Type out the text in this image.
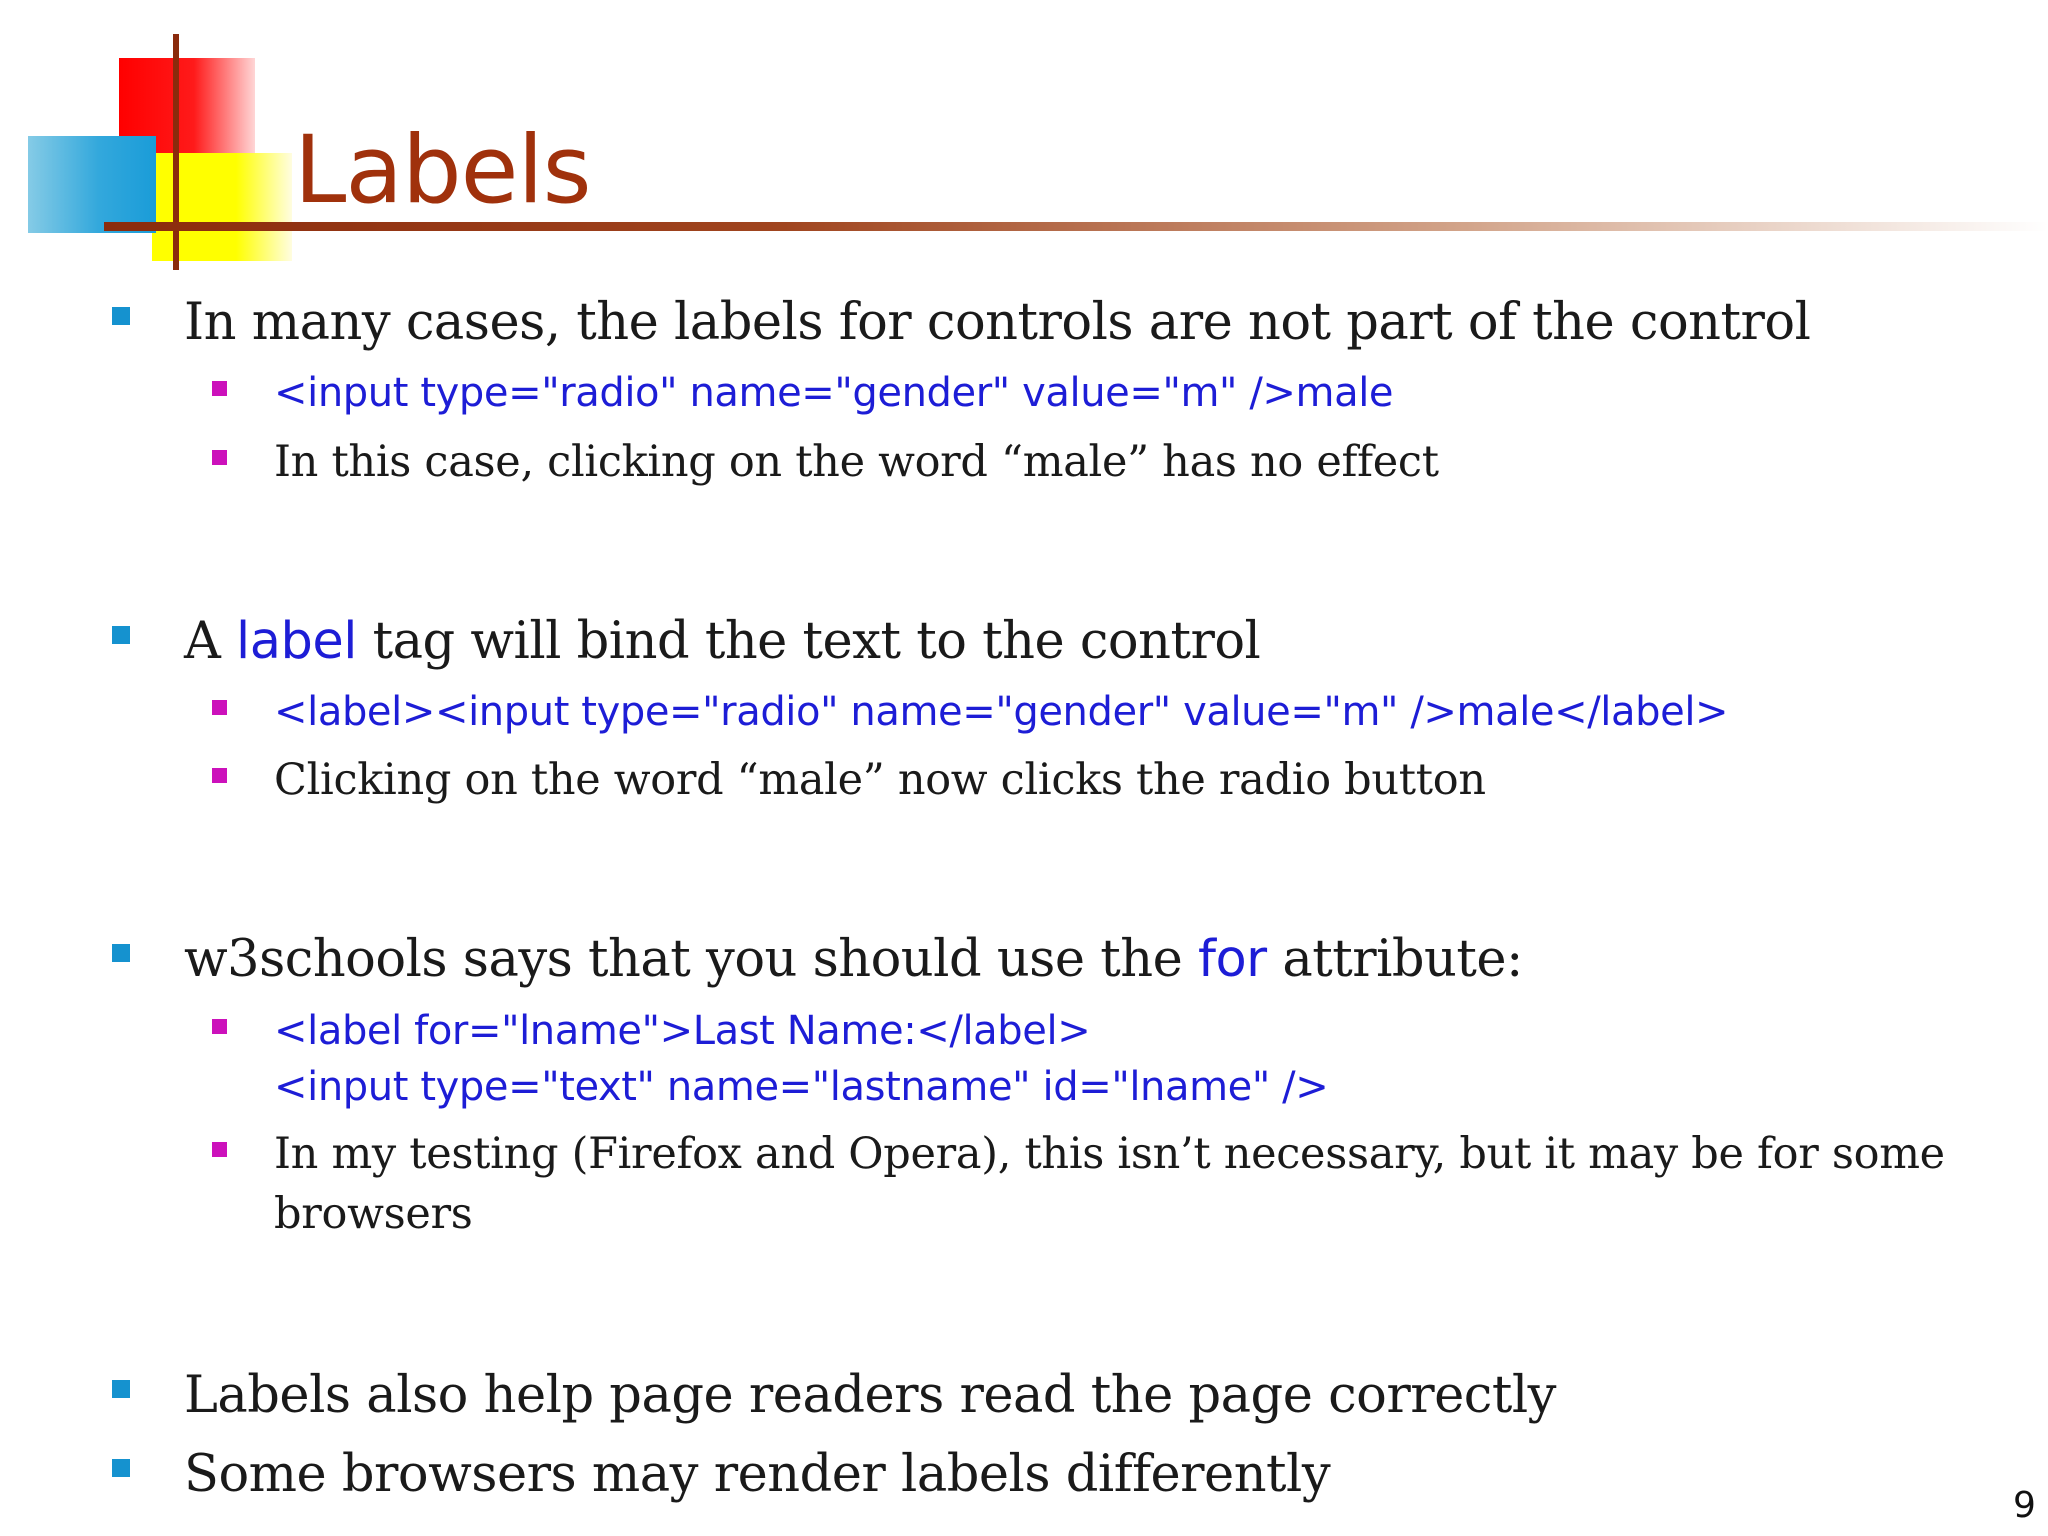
Labels

In many cases, the labels for controls are not part of the control

<input type="radio" name="gender" value="m" />male

In this case, clicking on the word “male” has no effect

A label tag will bind the text to the control

<label><input type="radio" name="gender" value="m" />male</label>

Clicking on the word “male” now clicks the radio button

w3schools says that you should use the for attribute:

<label for="lname">Last Name:</label>

<input type="text" name="lastname" id="lname" />

In my testing (Firefox and Opera), this isn’t necessary, but it may be for some

browsers

Labels also help page readers read the page correctly

Some browsers may render labels differently

9
